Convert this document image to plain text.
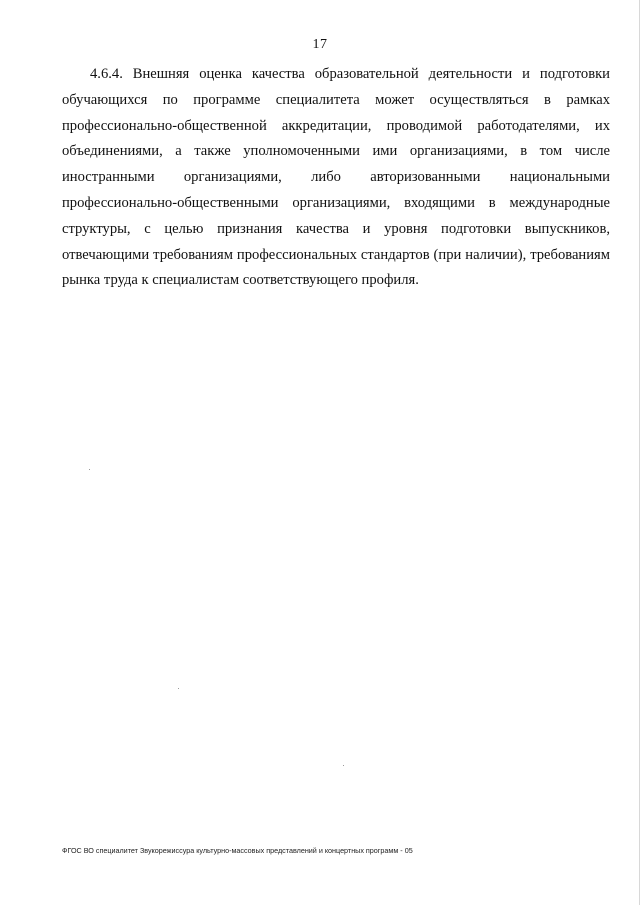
17

4.6.4. Внешняя оценка качества образовательной деятельности и подготовки обучающихся по программе специалитета может осуществляться в рамках профессионально-общественной аккредитации, проводимой работодателями, их объединениями, а также уполномоченными ими организациями, в том числе иностранными организациями, либо авторизованными национальными профессионально-общественными организациями, входящими в международные структуры, с целью признания качества и уровня подготовки выпускников, отвечающими требованиям профессиональных стандартов (при наличии), требованиям рынка труда к специалистам соответствующего профиля.

ФГОС ВО специалитет Звукорежиссура культурно-массовых представлений и концертных программ - 05
